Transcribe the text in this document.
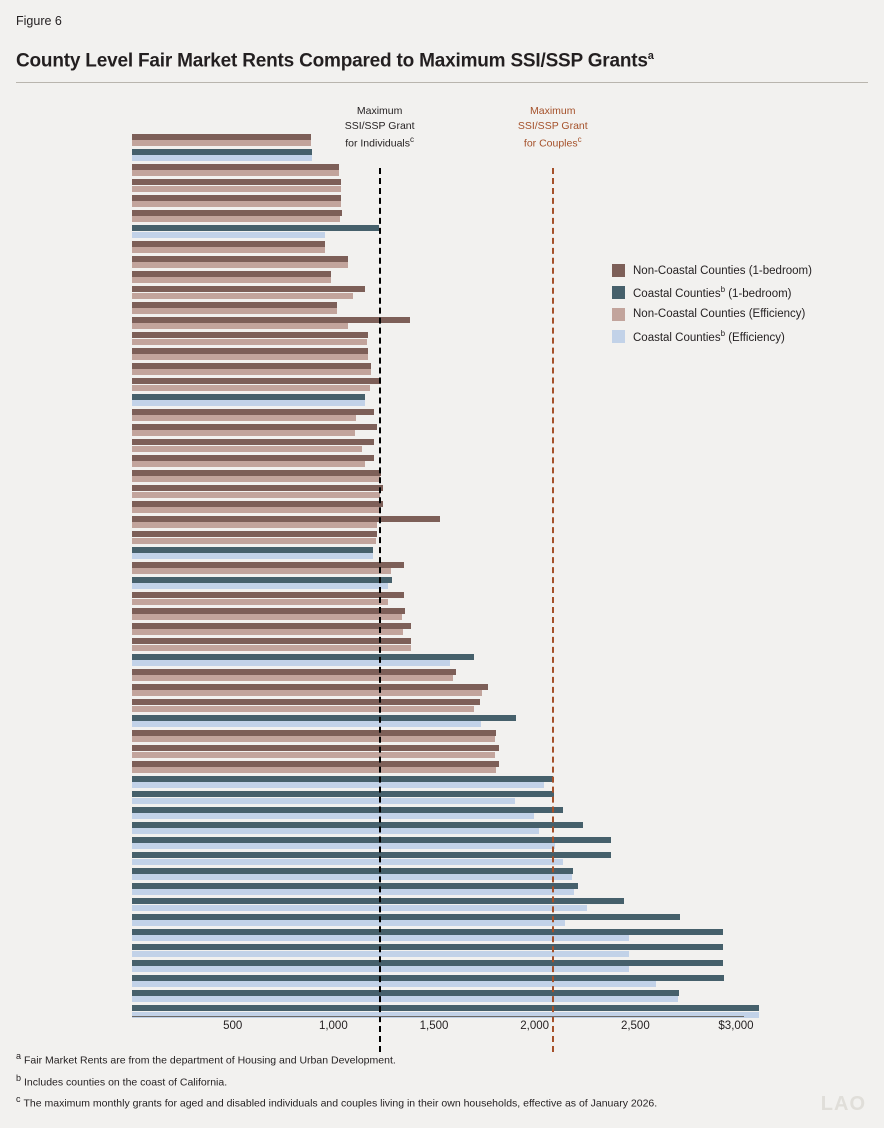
Figure 6
County Level Fair Market Rents Compared to Maximum SSI/SSP Grants$^a$
500	1,000	1,500	2,000	2,500	$3,000
Non-Coastal Counties (1-bedroom)
Coastal Counties$^b$ (1-bedroom)
Non-Coastal Counties (Efficiency)
Coastal Counties$^b$ (Efficiency)
Maximum
SSI/SSP Grant
for Individuals$^c$
Maximum
SSI/SSP Grant
for Couples$^c$
$^a$ Fair Market Rents are from the department of Housing and Urban Development.
$^b$ Includes counties on the coast of California.
$^c$ The maximum monthly grants for aged and disabled individuals and couples living in their own households, effective as of January 2026.	LAO
